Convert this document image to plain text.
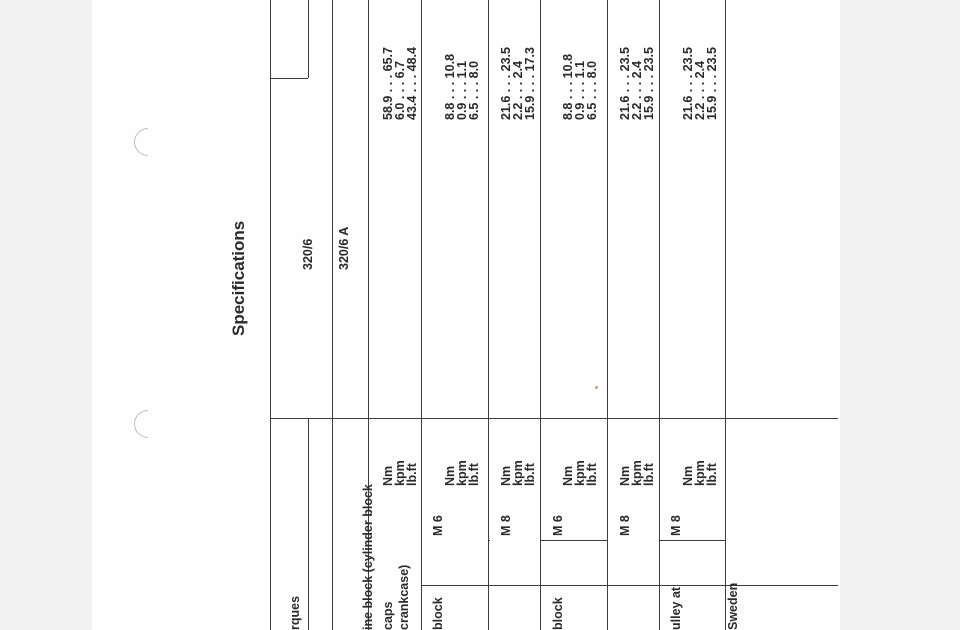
Specifications

	320/6

320/6 A

rques

	ine block (cylinder block

crankcase)

caps
Nm
kpm
lb.ft
58.9 . . . 65.7
6.0 . . . 6.7
43.4 . . . 48.4
block
M 6
Nm
kpm
lb.ft
8.8 . . . 10.8
0.9 . . . 1.1
6.5 . . . 8.0
M 8
Nm
kpm
lb.ft
21.6 . . . 23.5
2.2 . . . 2.4
15.9 . . . 17.3
block
M 6
Nm
kpm
lb.ft
8.8 . . . 10.8
0.9 . . . 1.1
6.5 . . . 8.0
M 8
Nm
kpm
lb.ft
21.6 . . . 23.5
2.2 . . . 2.4
15.9 . . . 23.5
ulley at
M 8
Nm
kpm
lb.ft
21.6 . . . 23.5
2.2 . . . 2.4
15.9 . . . 23.5

Sweden
